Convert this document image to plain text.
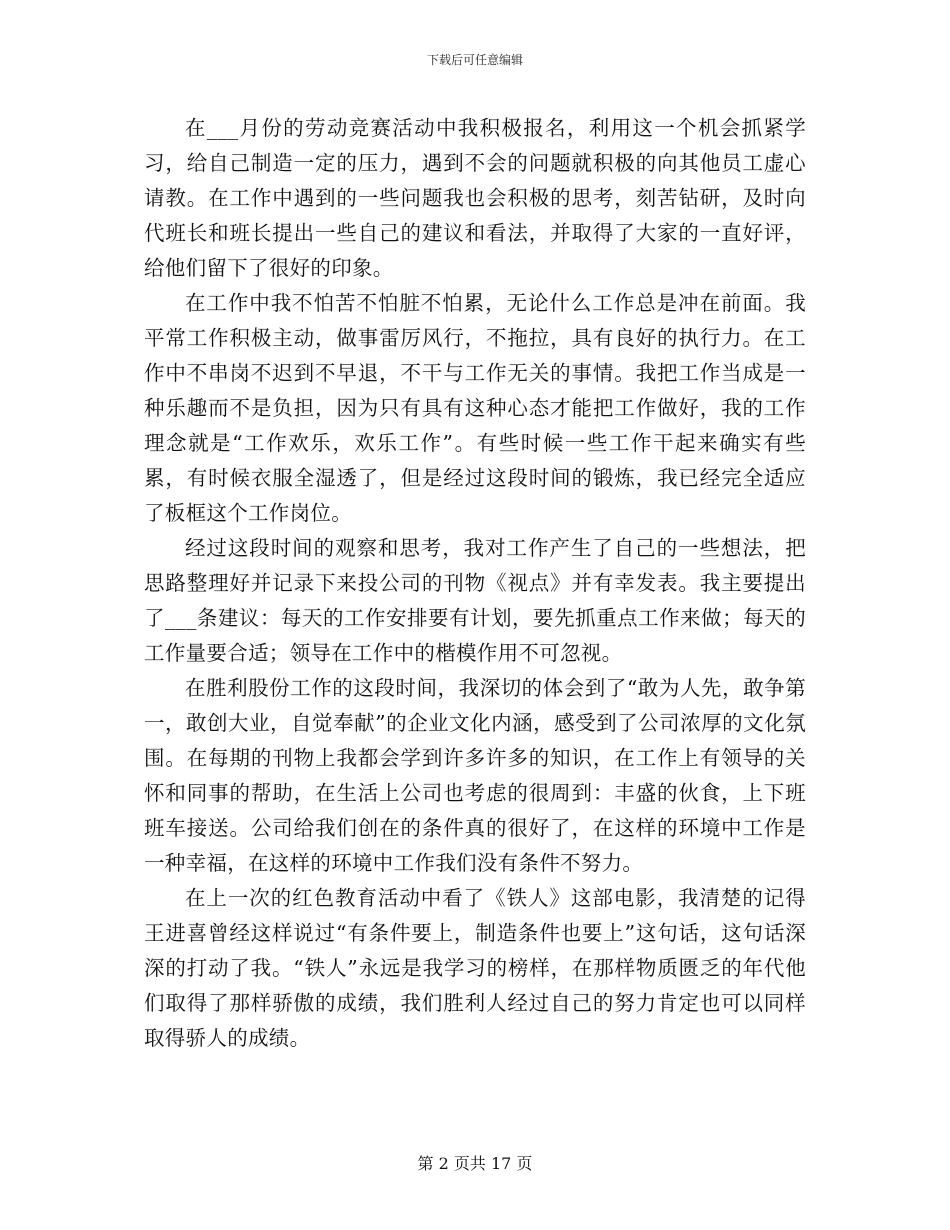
下载后可任意编辑

在___月份的劳动竞赛活动中我积极报名，利用这一个机会抓紧学习，给自己制造一定的压力，遇到不会的问题就积极的向其他员工虚心请教。在工作中遇到的一些问题我也会积极的思考，刻苦钻研，及时向代班长和班长提出一些自己的建议和看法，并取得了大家的一直好评，给他们留下了很好的印象。

在工作中我不怕苦不怕脏不怕累，无论什么工作总是冲在前面。我平常工作积极主动，做事雷厉风行，不拖拉，具有良好的执行力。在工作中不串岗不迟到不早退，不干与工作无关的事情。我把工作当成是一种乐趣而不是负担，因为只有具有这种心态才能把工作做好，我的工作理念就是“工作欢乐，欢乐工作”。有些时候一些工作干起来确实有些累，有时候衣服全湿透了，但是经过这段时间的锻炼，我已经完全适应了板框这个工作岗位。

经过这段时间的观察和思考，我对工作产生了自己的一些想法，把思路整理好并记录下来投公司的刊物《视点》并有幸发表。我主要提出了___条建议：每天的工作安排要有计划，要先抓重点工作来做；每天的工作量要合适；领导在工作中的楷模作用不可忽视。

在胜利股份工作的这段时间，我深切的体会到了“敢为人先，敢争第一，敢创大业，自觉奉献”的企业文化内涵，感受到了公司浓厚的文化氛围。在每期的刊物上我都会学到许多许多的知识，在工作上有领导的关怀和同事的帮助，在生活上公司也考虑的很周到：丰盛的伙食，上下班班车接送。公司给我们创在的条件真的很好了，在这样的环境中工作是一种幸福，在这样的环境中工作我们没有条件不努力。

在上一次的红色教育活动中看了《铁人》这部电影，我清楚的记得王进喜曾经这样说过“有条件要上，制造条件也要上”这句话，这句话深深的打动了我。“铁人”永远是我学习的榜样，在那样物质匮乏的年代他们取得了那样骄傲的成绩，我们胜利人经过自己的努力肯定也可以同样取得骄人的成绩。

第 2 页共 17 页
